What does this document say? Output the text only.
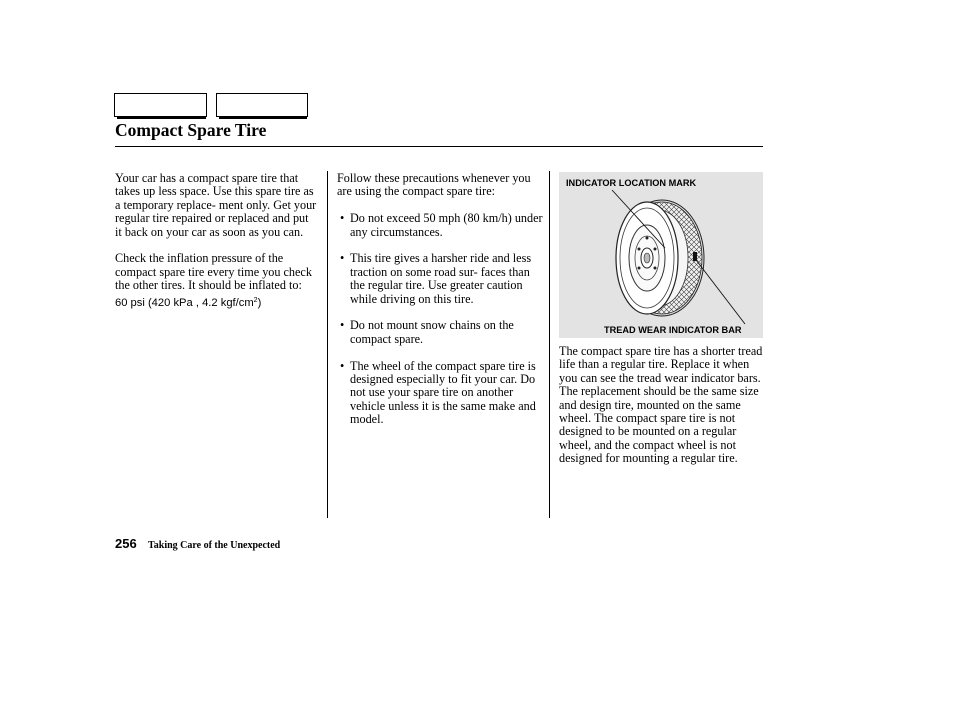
Compact Spare Tire

Your car has a compact spare tire that takes up less space. Use this spare tire as a temporary replace- ment only. Get your regular tire repaired or replaced and put it back on your car as soon as you can.

Check the inflation pressure of the compact spare tire every time you check the other tires. It should be inflated to:

60 psi (420 kPa , 4.2 kgf/$cm^2$)

Follow these precautions whenever you are using the compact spare tire:

• Do not exceed 50 mph (80 km/h) under any circumstances.
• This tire gives a harsher ride and less traction on some road sur- faces than the regular tire. Use greater caution while driving on this tire.
• Do not mount snow chains on the compact spare.
• The wheel of the compact spare tire is designed especially to fit your car. Do not use your spare tire on another vehicle unless it is the same make and model.
INDICATOR LOCATION MARK
TREAD WEAR INDICATOR BAR

The compact spare tire has a shorter tread life than a regular tire. Replace it when you can see the tread wear indicator bars. The replacement should be the same size and design tire, mounted on the same wheel. The compact spare tire is not designed to be mounted on a regular wheel, and the compact wheel is not designed for mounting a regular tire.

256 Taking Care of the Unexpected
